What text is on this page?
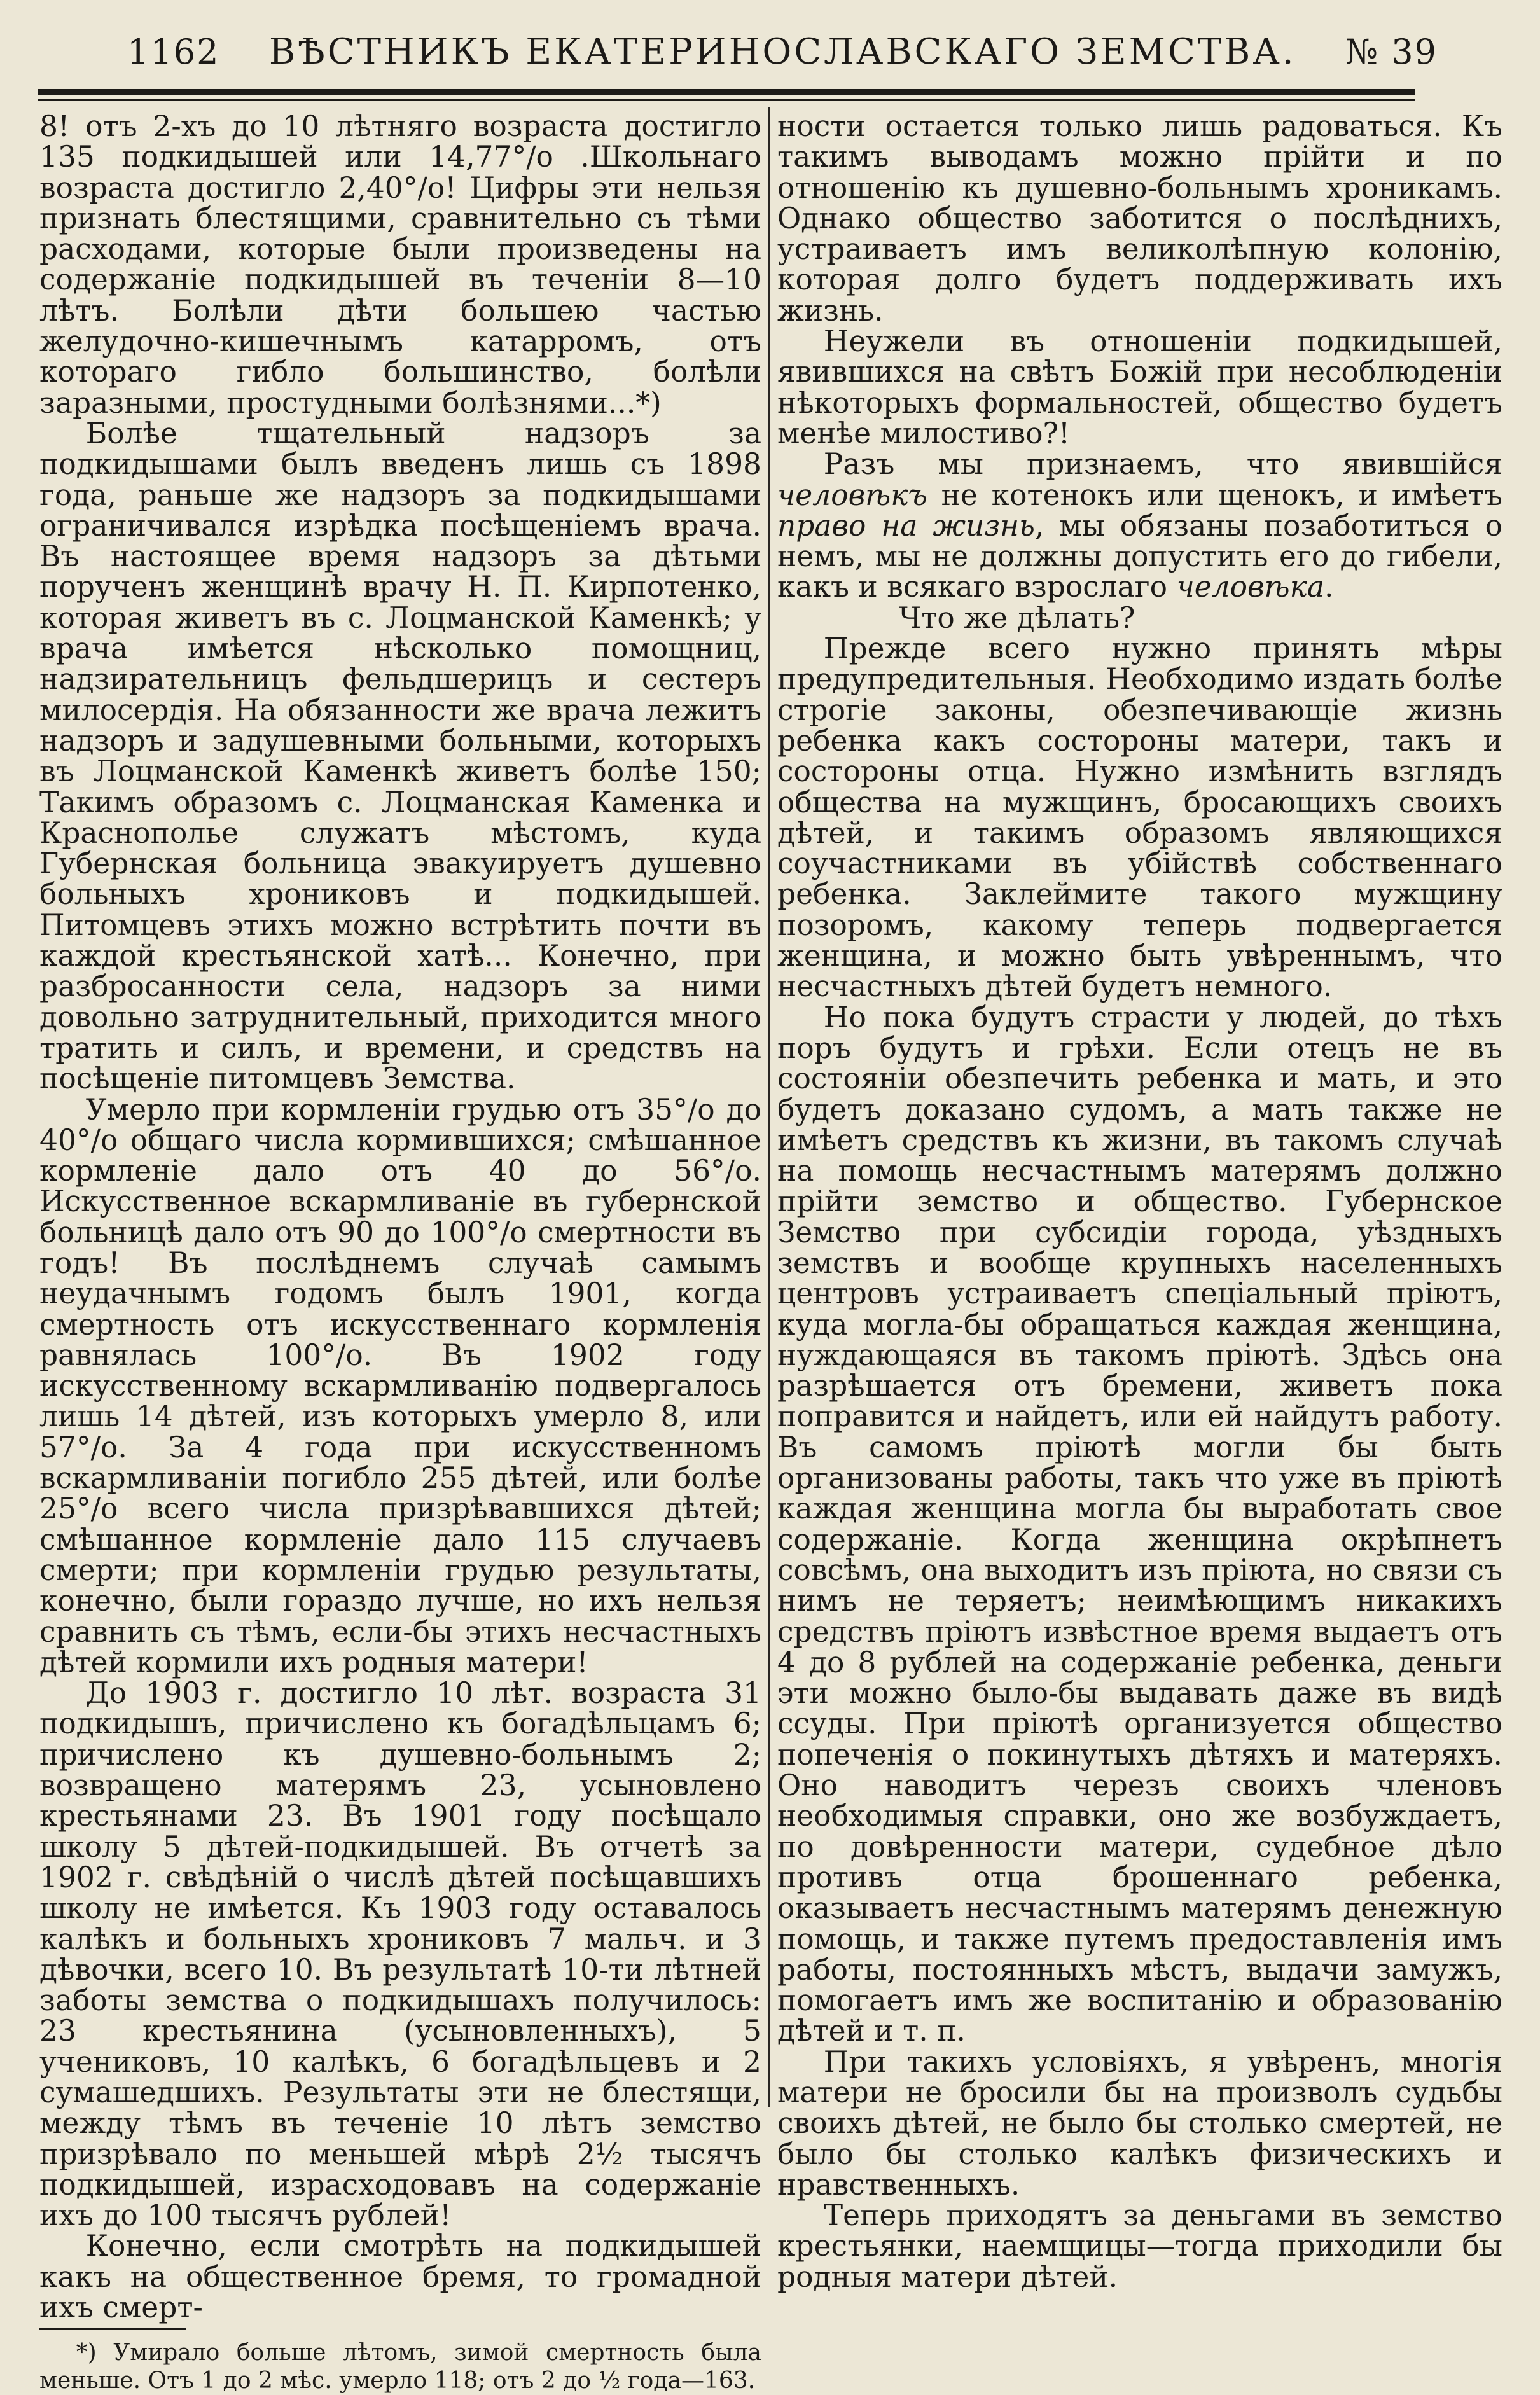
1162 ВѢСТНИКЪ ЕКАТЕРИНОСЛАВСКАГО ЗЕМСТВА. № 39

8! отъ 2-хъ до 10 лѣтняго возраста достигло 135 подкидышей или 14,77°/о .Школьнаго возраста достигло 2,40°/о! Цифры эти нельзя признать блестящими, сравнительно съ тѣми расходами, которые были произведены на содержаніе подкидышей въ теченіи 8—10 лѣтъ. Болѣли дѣти большею частью желудочно-кишечнымъ катарромъ, отъ котораго гибло большинство, болѣли заразными, простудными болѣзнями...*)

Болѣе тщательный надзоръ за подкидышами былъ введенъ лишь съ 1898 года, раньше же надзоръ за подкидышами ограничивался изрѣдка посѣщеніемъ врача. Въ настоящее время надзоръ за дѣтьми порученъ женщинѣ врачу Н. П. Кирпотенко, которая живетъ въ с. Лоцманской Каменкѣ; у врача имѣется нѣсколько помощниц, надзирательницъ фельдшерицъ и сестеръ милосердія. На обязанности же врача лежитъ надзоръ и задушевными больными, которыхъ въ Лоцманской Каменкѣ живетъ болѣе 150; Такимъ образомъ с. Лоцманская Каменка и Краснополье служатъ мѣстомъ, куда Губернская больница эвакуируетъ душевно больныхъ хрониковъ и подкидышей. Питомцевъ этихъ можно встрѣтить почти въ каждой крестьянской хатѣ... Конечно, при разбросанности села, надзоръ за ними довольно затруднительный, приходится много тратить и силъ, и времени, и средствъ на посѣщеніе питомцевъ Земства.

Умерло при кормленіи грудью отъ 35°/о до 40°/о общаго числа кормившихся; смѣшанное кормленіе дало отъ 40 до 56°/о. Искусственное вскармливаніе въ губернской больницѣ дало отъ 90 до 100°/о смертности въ годъ! Въ послѣднемъ случаѣ самымъ неудачнымъ годомъ былъ 1901, когда смертность отъ искусственнаго кормленія равнялась 100°/о. Въ 1902 году искусственному вскармливанію подвергалось лишь 14 дѣтей, изъ которыхъ умерло 8, или 57°/о. За 4 года при искусственномъ вскармливаніи погибло 255 дѣтей, или болѣе 25°/о всего числа призрѣвавшихся дѣтей; смѣшанное кормленіе дало 115 случаевъ смерти; при кормленіи грудью результаты, конечно, были гораздо лучше, но ихъ нельзя сравнить съ тѣмъ, если-бы этихъ несчастныхъ дѣтей кормили ихъ родныя матери!

До 1903 г. достигло 10 лѣт. возраста 31 подкидышъ, причислено къ богадѣльцамъ 6; причислено къ душевно-больнымъ 2; возвращено матерямъ 23, усыновлено крестьянами 23. Въ 1901 году посѣщало школу 5 дѣтей-подкидышей. Въ отчетѣ за 1902 г. свѣдѣній о числѣ дѣтей посѣщавшихъ школу не имѣется. Къ 1903 году оставалось калѣкъ и больныхъ хрониковъ 7 мальч. и 3 дѣвочки, всего 10. Въ результатѣ 10-ти лѣтней заботы земства о подкидышахъ получилось: 23 крестьянина (усыновленныхъ), 5 учениковъ, 10 калѣкъ, 6 богадѣльцевъ и 2 сумашедшихъ. Результаты эти не блестящи, между тѣмъ въ теченіе 10 лѣтъ земство призрѣвало по меньшей мѣрѣ 2½ тысячъ подкидышей, израсходовавъ на содержаніе ихъ до 100 тысячъ рублей!

Конечно, если смотрѣть на подкидышей какъ на общественное бремя, то громадной ихъ смерт-

*) Умирало больше лѣтомъ, зимой смертность была меньше. Отъ 1 до 2 мѣс. умерло 118; отъ 2 до ½ года—163.

ности остается только лишь радоваться. Къ такимъ выводамъ можно прійти и по отношенію къ душевно-больнымъ хроникамъ. Однако общество заботится о послѣднихъ, устраиваетъ имъ великолѣпную колонію, которая долго будетъ поддерживать ихъ жизнь.

Неужели въ отношеніи подкидышей, явившихся на свѣтъ Божій при несоблюденіи нѣкоторыхъ формальностей, общество будетъ менѣе милостиво?!

Разъ мы признаемъ, что явившійся человѣкъ не котенокъ или щенокъ, и имѣетъ право на жизнь, мы обязаны позаботиться о немъ, мы не должны допустить его до гибели, какъ и всякаго взрослаго человѣка.

Что же дѣлать?

Прежде всего нужно принять мѣры предупредительныя. Необходимо издать болѣе строгіе законы, обезпечивающіе жизнь ребенка какъ состороны матери, такъ и состороны отца. Нужно измѣнить взглядъ общества на мужщинъ, бросающихъ своихъ дѣтей, и такимъ образомъ являющихся соучастниками въ убійствѣ собственнаго ребенка. Заклеймите такого мужщину позоромъ, какому теперь подвергается женщина, и можно быть увѣреннымъ, что несчастныхъ дѣтей будетъ немного.

Но пока будутъ страсти у людей, до тѣхъ поръ будутъ и грѣхи. Если отецъ не въ состояніи обезпечить ребенка и мать, и это будетъ доказано судомъ, а мать также не имѣетъ средствъ къ жизни, въ такомъ случаѣ на помощь несчастнымъ матерямъ должно прійти земство и общество. Губернское Земство при субсидіи города, уѣздныхъ земствъ и вообще крупныхъ населенныхъ центровъ устраиваетъ спеціальный пріютъ, куда могла-бы обращаться каждая женщина, нуждающаяся въ такомъ пріютѣ. Здѣсь она разрѣшается отъ бремени, живетъ пока поправится и найдетъ, или ей найдутъ работу. Въ самомъ пріютѣ могли бы быть организованы работы, такъ что уже въ пріютѣ каждая женщина могла бы выработать свое содержаніе. Когда женщина окрѣпнетъ совсѣмъ, она выходитъ изъ пріюта, но связи съ нимъ не теряетъ; неимѣющимъ никакихъ средствъ пріютъ извѣстное время выдаетъ отъ 4 до 8 рублей на содержаніе ребенка, деньги эти можно было-бы выдавать даже въ видѣ ссуды. При пріютѣ организуется общество попеченія о покинутыхъ дѣтяхъ и матеряхъ. Оно наводитъ черезъ своихъ членовъ необходимыя справки, оно же возбуждаетъ, по довѣренности матери, судебное дѣло противъ отца брошеннаго ребенка, оказываетъ несчастнымъ матерямъ денежную помощь, и также путемъ предоставленія имъ работы, постоянныхъ мѣстъ, выдачи замужъ, помогаетъ имъ же воспитанію и образованію дѣтей и т. п.

При такихъ условіяхъ, я увѣренъ, многія матери не бросили бы на произволъ судьбы своихъ дѣтей, не было бы столько смертей, не было бы столько калѣкъ физическихъ и нравственныхъ.

Теперь приходятъ за деньгами въ земство крестьянки, наемщицы—тогда приходили бы родныя матери дѣтей.
